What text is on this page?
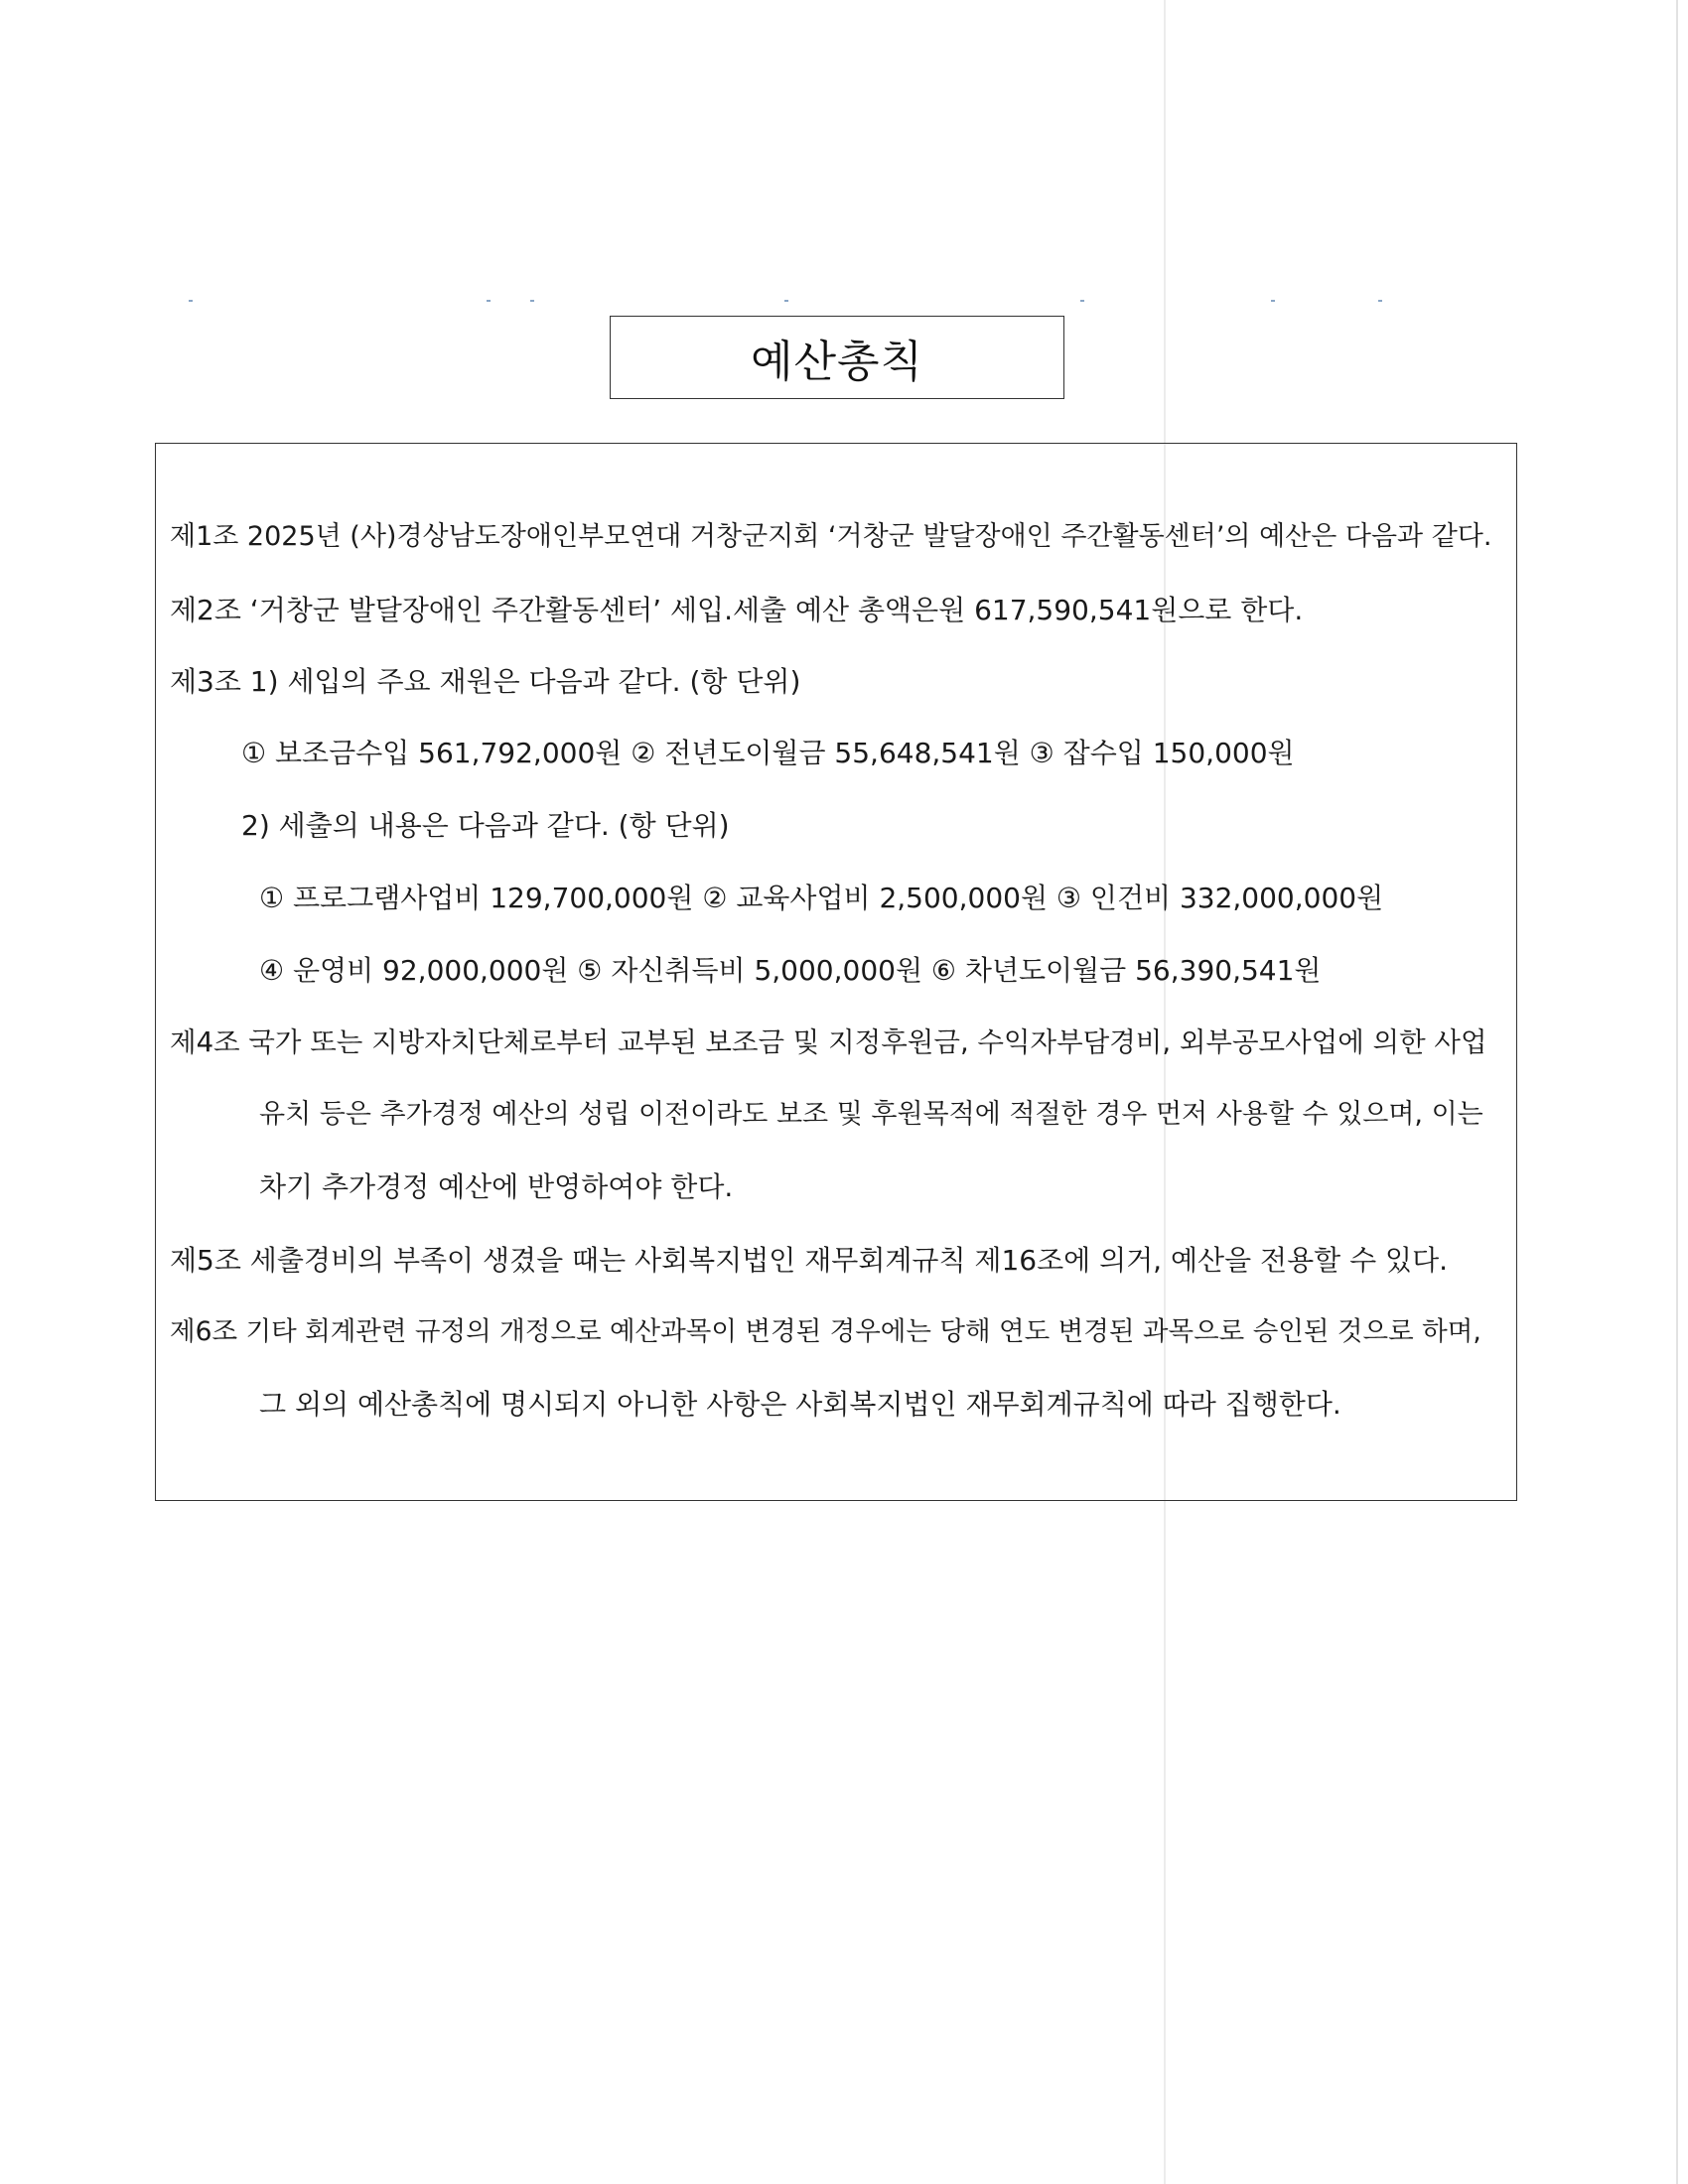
예산총칙
제1조 2025년 (사)경상남도장애인부모연대 거창군지회 ‘거창군 발달장애인 주간활동센터’의 예산은 다음과 같다.
제2조 ‘거창군 발달장애인 주간활동센터’ 세입.세출 예산 총액은원 617,590,541원으로 한다.
제3조 1) 세입의 주요 재원은 다음과 같다. (항 단위)
① 보조금수입 561,792,000원 ② 전년도이월금 55,648,541원 ③ 잡수입 150,000원
2) 세출의 내용은 다음과 같다. (항 단위)
① 프로그램사업비 129,700,000원 ② 교육사업비 2,500,000원 ③ 인건비 332,000,000원
④ 운영비 92,000,000원 ⑤ 자신취득비 5,000,000원 ⑥ 차년도이월금 56,390,541원
제4조 국가 또는 지방자치단체로부터 교부된 보조금 및 지정후원금, 수익자부담경비, 외부공모사업에 의한 사업
유치 등은 추가경정 예산의 성립 이전이라도 보조 및 후원목적에 적절한 경우 먼저 사용할 수 있으며, 이는
차기 추가경정 예산에 반영하여야 한다.
제5조 세출경비의 부족이 생겼을 때는 사회복지법인 재무회계규칙 제16조에 의거, 예산을 전용할 수 있다.
제6조 기타 회계관련 규정의 개정으로 예산과목이 변경된 경우에는 당해 연도 변경된 과목으로 승인된 것으로 하며,
그 외의 예산총칙에 명시되지 아니한 사항은 사회복지법인 재무회계규칙에 따라 집행한다.
